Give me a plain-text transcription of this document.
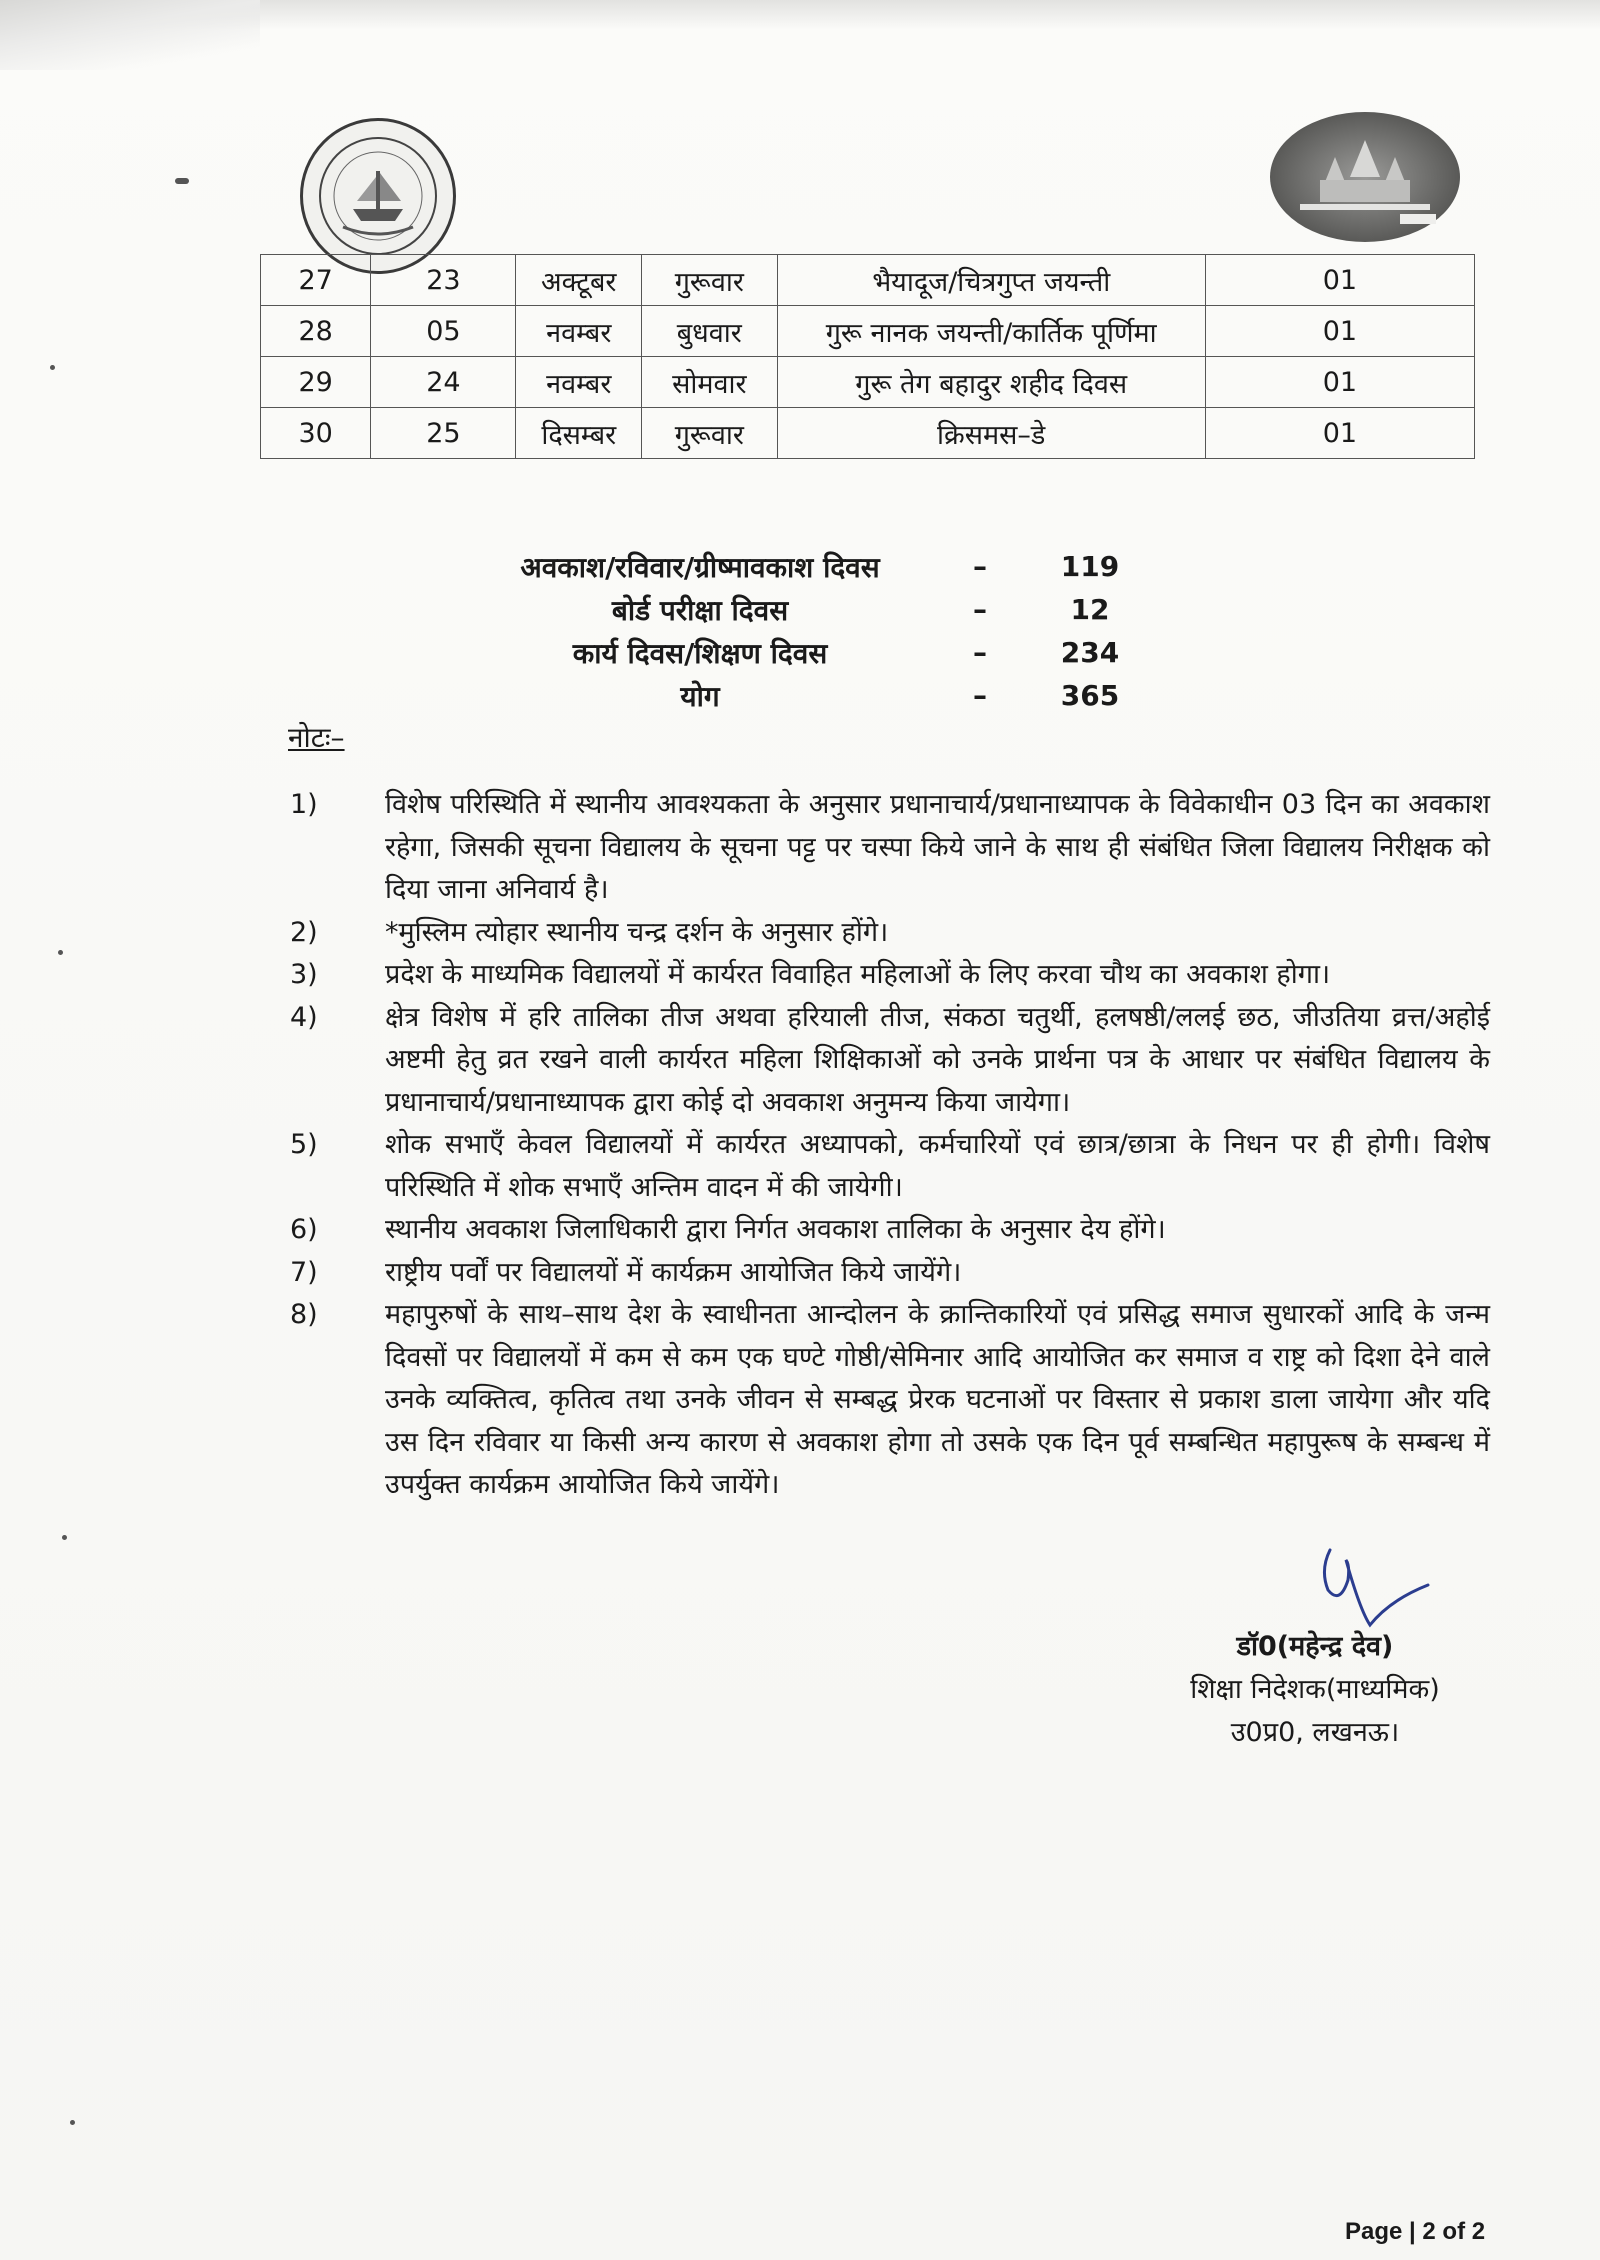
27	23	अक्टूबर	गुरूवार	भैयादूज/चित्रगुप्त जयन्ती	01
28	05	नवम्बर	बुधवार	गुरू नानक जयन्ती/कार्तिक पूर्णिमा	01
29	24	नवम्बर	सोमवार	गुरू तेग बहादुर शहीद दिवस	01
30	25	दिसम्बर	गुरूवार	क्रिसमस–डे	01
अवकाश/रविवार/ग्रीष्मावकाश दिवस	–	119
बोर्ड परीक्षा दिवस	–	12
कार्य दिवस/शिक्षण दिवस	–	234
योग	–	365
नोटः–
1)	विशेष परिस्थिति में स्थानीय आवश्यकता के अनुसार प्रधानाचार्य/प्रधानाध्यापक के विवेकाधीन 03 दिन का अवकाश रहेगा, जिसकी सूचना विद्यालय के सूचना पट्ट पर चस्पा किये जाने के साथ ही संबंधित जिला विद्यालय निरीक्षक को दिया जाना अनिवार्य है।
2)	*मुस्लिम त्योहार स्थानीय चन्द्र दर्शन के अनुसार होंगे।
3)	प्रदेश के माध्यमिक विद्यालयों में कार्यरत विवाहित महिलाओं के लिए करवा चौथ का अवकाश होगा।
4)	क्षेत्र विशेष में हरि तालिका तीज अथवा हरियाली तीज, संकठा चतुर्थी, हलषष्ठी/ललई छठ, जीउतिया व्रत्त/अहोई अष्टमी हेतु व्रत रखने वाली कार्यरत महिला शिक्षिकाओं को उनके प्रार्थना पत्र के आधार पर संबंधित विद्यालय के प्रधानाचार्य/प्रधानाध्यापक द्वारा कोई दो अवकाश अनुमन्य किया जायेगा।
5)	शोक सभाएँ केवल विद्यालयों में कार्यरत अध्यापको, कर्मचारियों एवं छात्र/छात्रा के निधन पर ही होगी। विशेष परिस्थिति में शोक सभाएँ अन्तिम वादन में की जायेगी।
6)	स्थानीय अवकाश जिलाधिकारी द्वारा निर्गत अवकाश तालिका के अनुसार देय होंगे।
7)	राष्ट्रीय पर्वों पर विद्यालयों में कार्यक्रम आयोजित किये जायेंगे।
8)	महापुरुषों के साथ–साथ देश के स्वाधीनता आन्दोलन के क्रान्तिकारियों एवं प्रसिद्ध समाज सुधारकों आदि के जन्म दिवसों पर विद्यालयों में कम से कम एक घण्टे गोष्ठी/सेमिनार आदि आयोजित कर समाज व राष्ट्र को दिशा देने वाले उनके व्यक्तित्व, कृतित्व तथा उनके जीवन से सम्बद्ध प्रेरक घटनाओं पर विस्तार से प्रकाश डाला जायेगा और यदि उस दिन रविवार या किसी अन्य कारण से अवकाश होगा तो उसके एक दिन पूर्व सम्बन्धित महापुरूष के सम्बन्ध में उपर्युक्त कार्यक्रम आयोजित किये जायेंगे।
डॉ0(महेन्द्र देव)
शिक्षा निदेशक(माध्यमिक)
उ0प्र0, लखनऊ।
Page | 2 of 2
